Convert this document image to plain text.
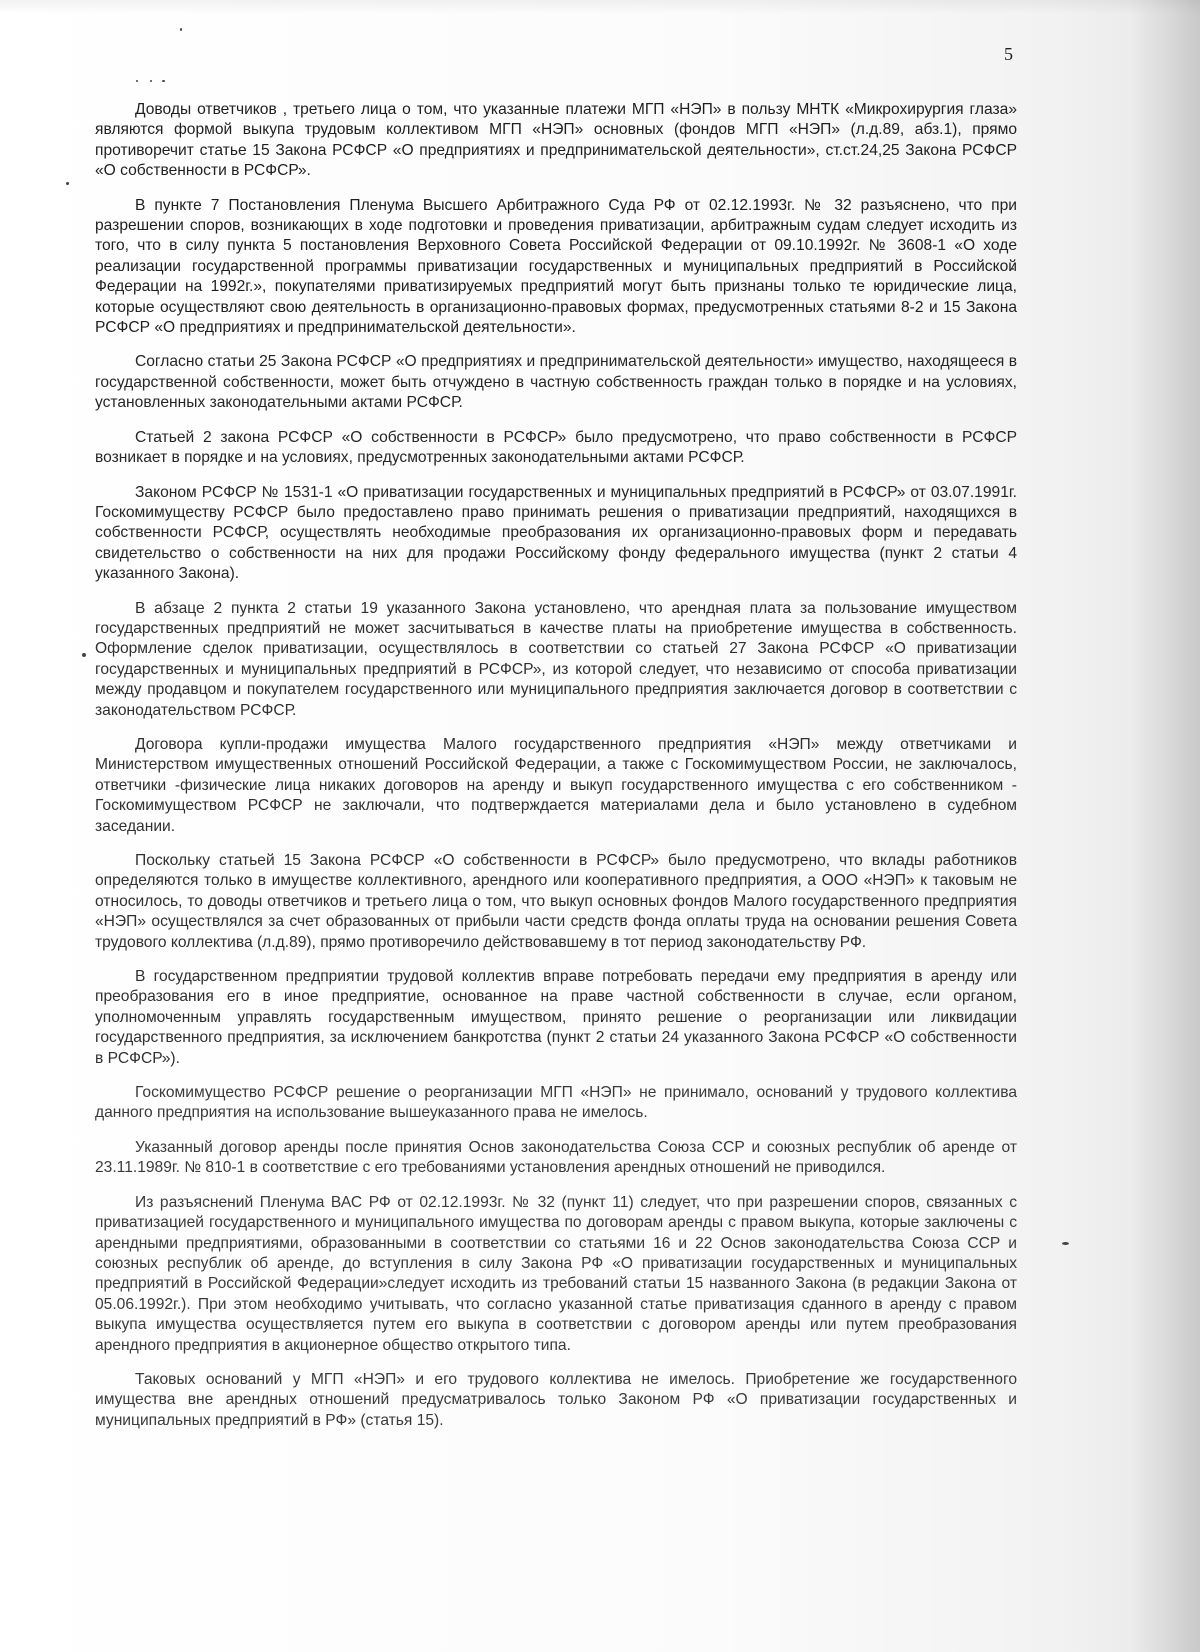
5

Доводы ответчиков , третьего лица о том, что указанные платежи МГП «НЭП» в пользу МНТК «Микрохирургия глаза» являются формой выкупа трудовым коллективом МГП «НЭП» основных (фондов МГП «НЭП» (л.д.89, абз.1), прямо противоречит статье 15 Закона РСФСР «О предприятиях и предпринимательской деятельности», ст.ст.24,25 Закона РСФСР «О собственности в РСФСР».

В пункте 7 Постановления Пленума Высшего Арбитражного Суда РФ от 02.12.1993г. № 32 разъяснено, что при разрешении споров, возникающих в ходе подготовки и проведения приватизации, арбитражным судам следует исходить из того, что в силу пункта 5 постановления Верховного Совета Российской Федерации от 09.10.1992г. № 3608-1 «О ходе реализации государственной программы приватизации государственных и муниципальных предприятий в Российской Федерации на 1992г.», покупателями приватизируемых предприятий могут быть признаны только те юридические лица, которые осуществляют свою деятельность в организационно-правовых формах, предусмотренных статьями 8-2 и 15 Закона РСФСР «О предприятиях и предпринимательской деятельности».

Согласно статьи 25 Закона РСФСР «О предприятиях и предпринимательской деятельности» имущество, находящееся в государственной собственности, может быть отчуждено в частную собственность граждан только в порядке и на условиях, установленных законодательными актами РСФСР.

Статьей 2 закона РСФСР «О собственности в РСФСР» было предусмотрено, что право собственности в РСФСР возникает в порядке и на условиях, предусмотренных законодательными актами РСФСР.

Законом РСФСР № 1531-1 «О приватизации государственных и муниципальных предприятий в РСФСР» от 03.07.1991г. Госкомимуществу РСФСР было предоставлено право принимать решения о приватизации предприятий, находящихся в собственности РСФСР, осуществлять необходимые преобразования их организационно-правовых форм и передавать свидетельство о собственности на них для продажи Российскому фонду федерального имущества (пункт 2 статьи 4 указанного Закона).

В абзаце 2 пункта 2 статьи 19 указанного Закона установлено, что арендная плата за пользование имуществом государственных предприятий не может засчитываться в качестве платы на приобретение имущества в собственность. Оформление сделок приватизации, осуществлялось в соответствии со статьей 27 Закона РСФСР «О приватизации государственных и муниципальных предприятий в РСФСР», из которой следует, что независимо от способа приватизации между продавцом и покупателем государственного или муниципального предприятия заключается договор в соответствии с законодательством РСФСР.

Договора купли-продажи имущества Малого государственного предприятия «НЭП» между ответчиками и Министерством имущественных отношений Российской Федерации, а также с Госкомимуществом России, не заключалось, ответчики -физические лица никаких договоров на аренду и выкуп государственного имущества с его собственником - Госкомимуществом РСФСР не заключали, что подтверждается материалами дела и было установлено в судебном заседании.

Поскольку статьей 15 Закона РСФСР «О собственности в РСФСР» было предусмотрено, что вклады работников определяются только в имуществе коллективного, арендного или кооперативного предприятия, а ООО «НЭП» к таковым не относилось, то доводы ответчиков и третьего лица о том, что выкуп основных фондов Малого государственного предприятия «НЭП» осуществлялся за счет образованных от прибыли части средств фонда оплаты труда на основании решения Совета трудового коллектива (л.д.89), прямо противоречило действовавшему в тот период законодательству РФ.

В государственном предприятии трудовой коллектив вправе потребовать передачи ему предприятия в аренду или преобразования его в иное предприятие, основанное на праве частной собственности в случае, если органом, уполномоченным управлять государственным имуществом, принято решение о реорганизации или ликвидации государственного предприятия, за исключением банкротства (пункт 2 статьи 24 указанного Закона РСФСР «О собственности в РСФСР»).

Госкомимущество РСФСР решение о реорганизации МГП «НЭП» не принимало, оснований у трудового коллектива данного предприятия на использование вышеуказанного права не имелось.

Указанный договор аренды после принятия Основ законодательства Союза ССР и союзных республик об аренде от 23.11.1989г. № 810-1 в соответствие с его требованиями установления арендных отношений не приводился.

Из разъяснений Пленума ВАС РФ от 02.12.1993г. № 32 (пункт 11) следует, что при разрешении споров, связанных с приватизацией государственного и муниципального имущества по договорам аренды с правом выкупа, которые заключены с арендными предприятиями, образованными в соответствии со статьями 16 и 22 Основ законодательства Союза ССР и союзных республик об аренде, до вступления в силу Закона РФ «О приватизации государственных и муниципальных предприятий в Российской Федерации»следует исходить из требований статьи 15 названного Закона (в редакции Закона от 05.06.1992г.). При этом необходимо учитывать, что согласно указанной статье приватизация сданного в аренду с правом выкупа имущества осуществляется путем его выкупа в соответствии с договором аренды или путем преобразования арендного предприятия в акционерное общество открытого типа.

Таковых оснований у МГП «НЭП» и его трудового коллектива не имелось. Приобретение же государственного имущества вне арендных отношений предусматривалось только Законом РФ «О приватизации государственных и муниципальных предприятий в РФ» (статья 15).
